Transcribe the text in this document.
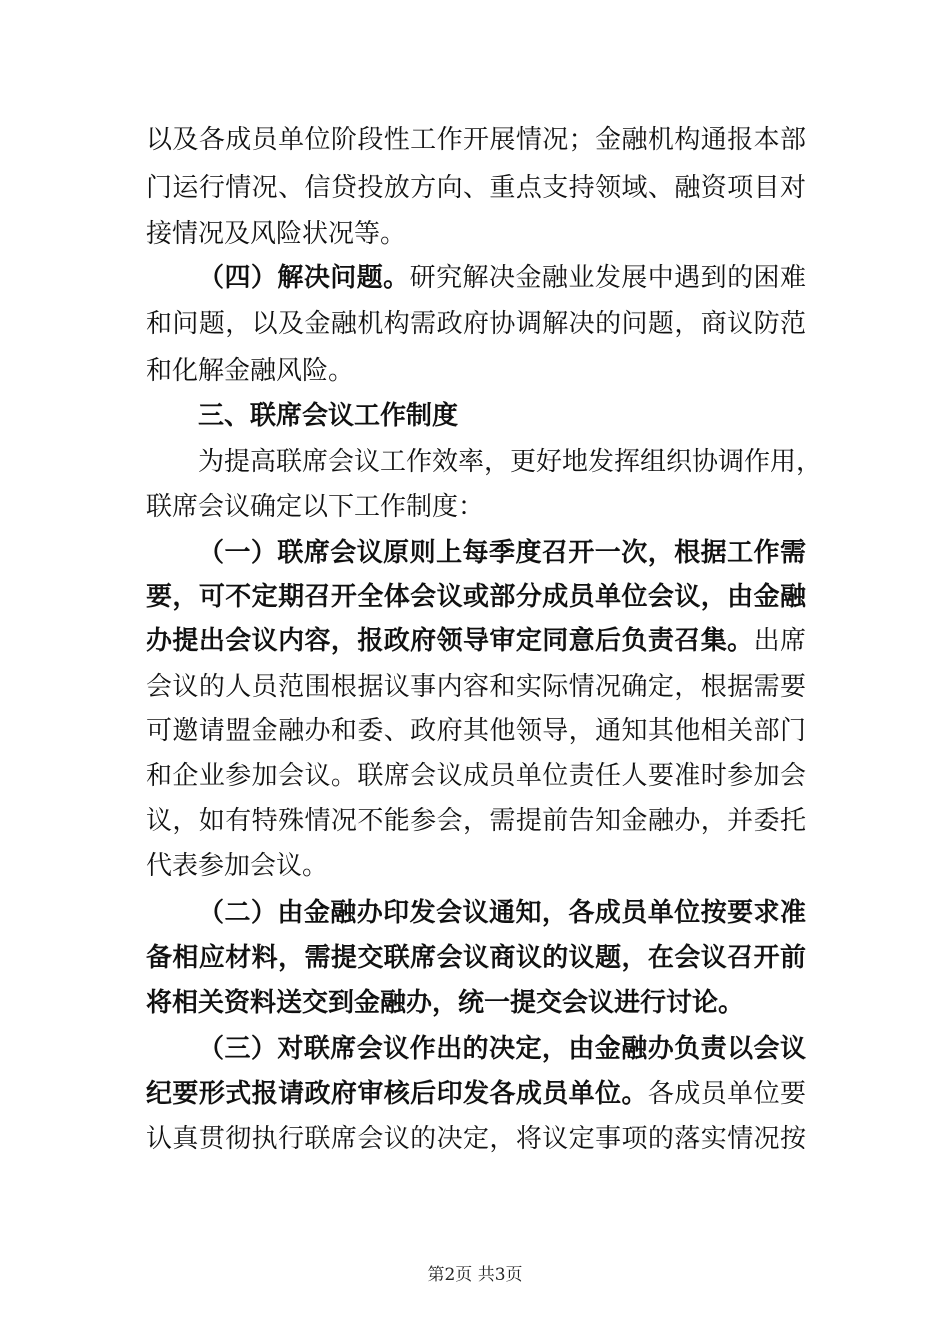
以及各成员单位阶段性工作开展情况；金融机构通报本部
门运行情况、信贷投放方向、重点支持领域、融资项目对
接情况及风险状况等。
（四）解决问题。研究解决金融业发展中遇到的困难
和问题，以及金融机构需政府协调解决的问题，商议防范
和化解金融风险。
三、联席会议工作制度
为提高联席会议工作效率，更好地发挥组织协调作用，
联席会议确定以下工作制度：
（一）联席会议原则上每季度召开一次，根据工作需
要，可不定期召开全体会议或部分成员单位会议，由金融
办提出会议内容，报政府领导审定同意后负责召集。出席
会议的人员范围根据议事内容和实际情况确定，根据需要
可邀请盟金融办和委、政府其他领导，通知其他相关部门
和企业参加会议。联席会议成员单位责任人要准时参加会
议，如有特殊情况不能参会，需提前告知金融办，并委托
代表参加会议。
（二）由金融办印发会议通知，各成员单位按要求准
备相应材料，需提交联席会议商议的议题，在会议召开前
将相关资料送交到金融办，统一提交会议进行讨论。
（三）对联席会议作出的决定，由金融办负责以会议
纪要形式报请政府审核后印发各成员单位。各成员单位要
认真贯彻执行联席会议的决定，将议定事项的落实情况按
第2页 共3页
